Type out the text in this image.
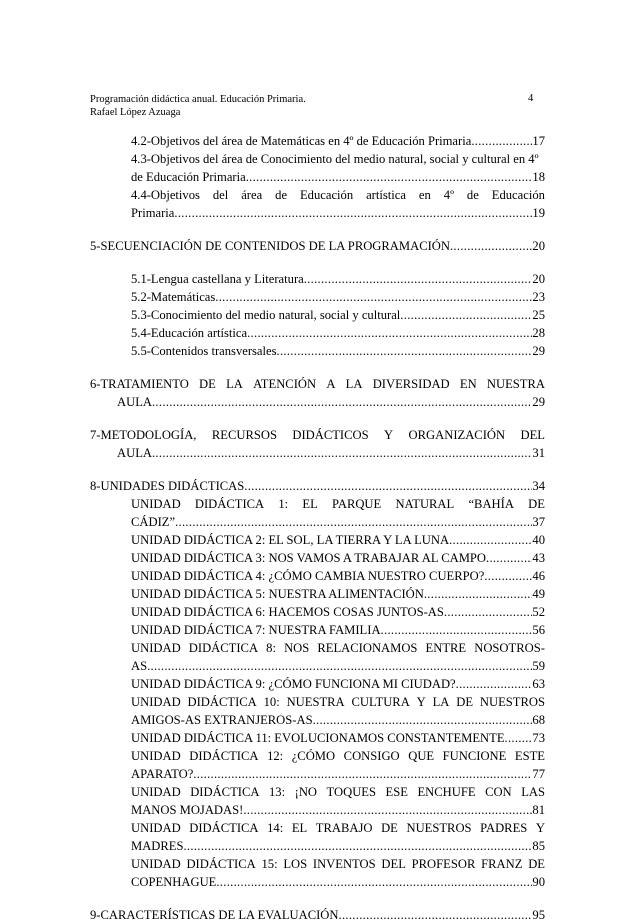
Programación didáctica anual. Educación Primaria.
Rafael López Azuaga
4
4.2-Objetivos del área de Matemáticas en 4º de Educación Primaria .....	17
4.3-Objetivos del área de Conocimiento del medio natural, social y cultural en 4º
de Educación Primaria .....	18
4.4-Objetivos del área de Educación artística en 4º de Educación
Primaria .....	19
5-SECUENCIACIÓN DE CONTENIDOS DE LA PROGRAMACIÓN .....	20
5.1-Lengua castellana y Literatura .....	20
5.2-Matemáticas .....	23
5.3-Conocimiento del medio natural, social y cultural .....	25
5.4-Educación artística .....	28
5.5-Contenidos transversales .....	29
6-TRATAMIENTO DE LA ATENCIÓN A LA DIVERSIDAD EN NUESTRA
AULA .....	29
7-METODOLOGÍA, RECURSOS DIDÁCTICOS Y ORGANIZACIÓN DEL
AULA .....	31
8-UNIDADES DIDÁCTICAS .....	34
UNIDAD DIDÁCTICA 1: EL PARQUE NATURAL “BAHÍA DE
CÁDIZ” .....	37
UNIDAD DIDÁCTICA 2: EL SOL, LA TIERRA Y LA LUNA .....	40
UNIDAD DIDÁCTICA 3: NOS VAMOS A TRABAJAR AL CAMPO .....	43
UNIDAD DIDÁCTICA 4: ¿CÓMO CAMBIA NUESTRO CUERPO? .....	46
UNIDAD DIDÁCTICA 5: NUESTRA ALIMENTACIÓN .....	49
UNIDAD DIDÁCTICA 6: HACEMOS COSAS JUNTOS-AS .....	52
UNIDAD DIDÁCTICA 7: NUESTRA FAMILIA .....	56
UNIDAD DIDÁCTICA 8: NOS RELACIONAMOS ENTRE NOSOTROS-
AS .....	59
UNIDAD DIDÁCTICA 9: ¿CÓMO FUNCIONA MI CIUDAD? .....	63
UNIDAD DIDÁCTICA 10: NUESTRA CULTURA Y LA DE NUESTROS
AMIGOS-AS EXTRANJEROS-AS .....	68
UNIDAD DIDÁCTICA 11: EVOLUCIONAMOS CONSTANTEMENTE ..... 73
UNIDAD DIDÁCTICA 12: ¿CÓMO CONSIGO QUE FUNCIONE ESTE
APARATO? .....	77
UNIDAD DIDÁCTICA 13: ¡NO TOQUES ESE ENCHUFE CON LAS
MANOS MOJADAS! .....	81
UNIDAD DIDÁCTICA 14: EL TRABAJO DE NUESTROS PADRES Y
MADRES .....	85
UNIDAD DIDÁCTICA 15: LOS INVENTOS DEL PROFESOR FRANZ DE
COPENHAGUE .....	90
9-CARACTERÍSTICAS DE LA EVALUACIÓN .....	95
